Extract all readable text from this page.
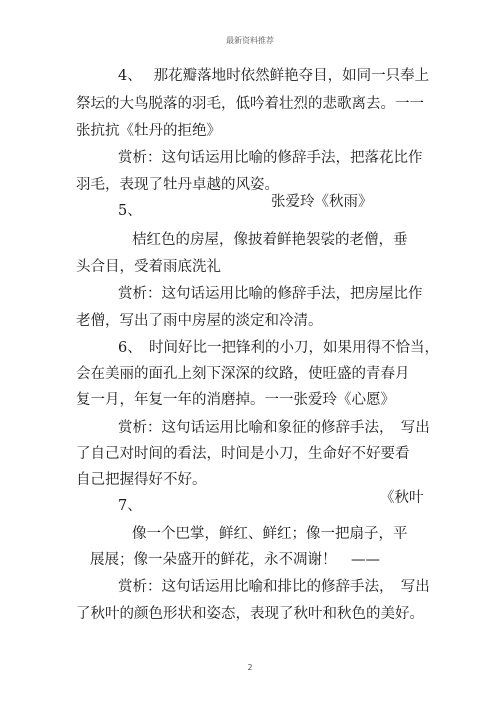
最新资料推荐
4、　 那花瓣落地时依然鲜艳夺目，如同一只奉上
祭坛的大鸟脱落的羽毛，低吟着壮烈的悲歌离去。一一
张抗抗《牡丹的拒绝》
赏析：这句话运用比喻的修辞手法，把落花比作
羽毛，表现了牡丹卓越的风姿。
张爱玲《秋雨》
5、
桔红色的房屋，像披着鲜艳袈裟的老僧，垂
头合目，受着雨底洗礼
赏析：这句话运用比喻的修辞手法，把房屋比作
老僧，写出了雨中房屋的淡定和冷清。
6、　时间好比一把锋利的小刀，如果用得不恰当，
会在美丽的面孔上刻下深深的纹路，使旺盛的青春月
复一月，年复一年的消磨掉。一一张爱玲《心愿》
赏析：这句话运用比喻和象征的修辞手法，　写出
了自己对时间的看法，时间是小刀，生命好不好要看
自己把握得好不好。
《秋叶
7、
像一个巴掌，鲜红、鲜红；像一把扇子，平
展展；像一朵盛开的鲜花，永不凋谢！　——
赏析：这句话运用比喻和排比的修辞手法，　写出
了秋叶的颜色形状和姿态，表现了秋叶和秋色的美好。
2
